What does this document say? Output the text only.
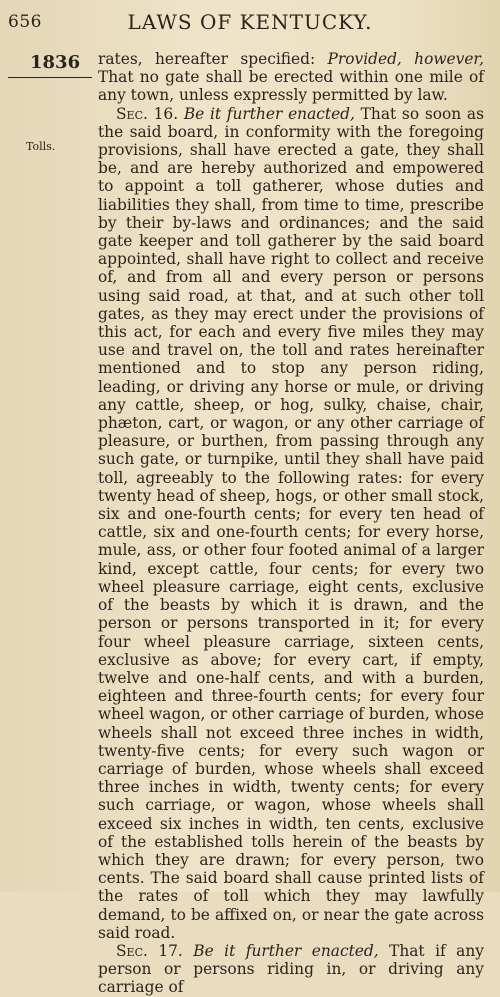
656	LAWS OF KENTUCKY.
1836
Tolls.

rates, hereafter specified: Provided, however, That no gate shall be erected within one mile of any town, unless expressly permitted by law.

Sec. 16. Be it further enacted, That so soon as the said board, in conformity with the foregoing provisions, shall have erected a gate, they shall be, and are hereby authorized and empowered to appoint a toll gatherer, whose duties and liabilities they shall, from time to time, prescribe by their by-laws and ordinances; and the said gate keeper and toll gatherer by the said board appointed, shall have right to collect and receive of, and from all and every person or persons using said road, at that, and at such other toll gates, as they may erect under the provisions of this act, for each and every five miles they may use and travel on, the toll and rates hereinafter mentioned and to stop any person riding, leading, or driving any horse or mule, or driving any cattle, sheep, or hog, sulky, chaise, chair, phæton, cart, or wagon, or any other carriage of pleasure, or burthen, from passing through any such gate, or turnpike, until they shall have paid toll, agreeably to the following rates: for every twenty head of sheep, hogs, or other small stock, six and one-fourth cents; for every ten head of cattle, six and one-fourth cents; for every horse, mule, ass, or other four footed animal of a larger kind, except cattle, four cents; for every two wheel pleasure carriage, eight cents, exclusive of the beasts by which it is drawn, and the person or persons transported in it; for every four wheel pleasure carriage, sixteen cents, exclusive as above; for every cart, if empty, twelve and one-half cents, and with a burden, eighteen and three-fourth cents; for every four wheel wagon, or other carriage of burden, whose wheels shall not exceed three inches in width, twenty-five cents; for every such wagon or carriage of burden, whose wheels shall exceed three inches in width, twenty cents; for every such carriage, or wagon, whose wheels shall exceed six inches in width, ten cents, exclusive of the established tolls herein of the beasts by which they are drawn; for every person, two cents. The said board shall cause printed lists of the rates of toll which they may lawfully demand, to be affixed on, or near the gate across said road.

Sec. 17. Be it further enacted, That if any person or persons riding in, or driving any carriage of
